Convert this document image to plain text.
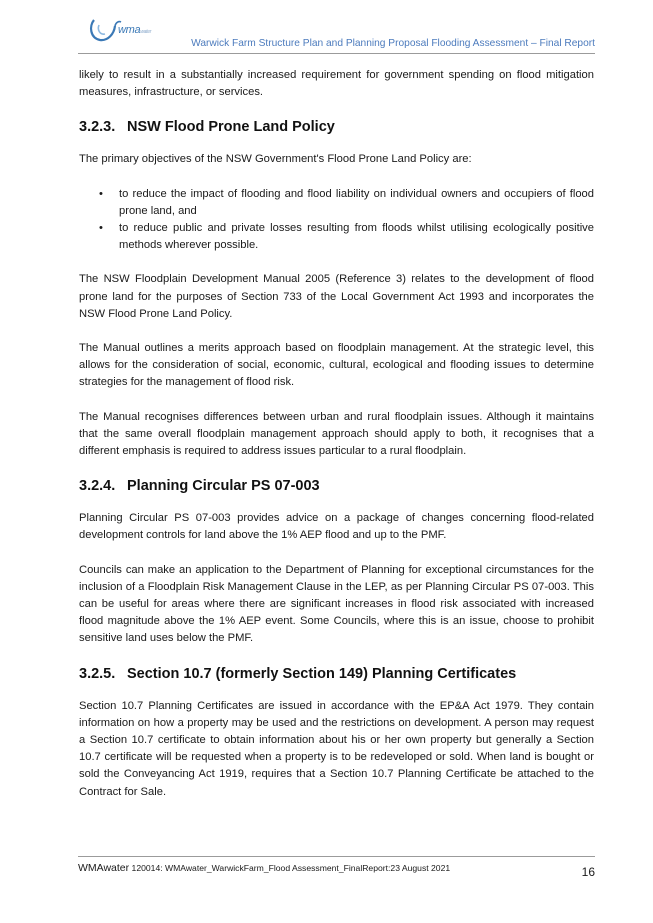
wmawater
Warwick Farm Structure Plan and Planning Proposal Flooding Assessment – Final Report

likely to result in a substantially increased requirement for government spending on flood mitigation measures, infrastructure, or services.

3.2.3. NSW Flood Prone Land Policy

The primary objectives of the NSW Government's Flood Prone Land Policy are:

• to reduce the impact of flooding and flood liability on individual owners and occupiers of flood prone land, and
• to reduce public and private losses resulting from floods whilst utilising ecologically positive methods wherever possible.

The NSW Floodplain Development Manual 2005 (Reference 3) relates to the development of flood prone land for the purposes of Section 733 of the Local Government Act 1993 and incorporates the NSW Flood Prone Land Policy.

The Manual outlines a merits approach based on floodplain management. At the strategic level, this allows for the consideration of social, economic, cultural, ecological and flooding issues to determine strategies for the management of flood risk.

The Manual recognises differences between urban and rural floodplain issues. Although it maintains that the same overall floodplain management approach should apply to both, it recognises that a different emphasis is required to address issues particular to a rural floodplain.

3.2.4. Planning Circular PS 07-003

Planning Circular PS 07-003 provides advice on a package of changes concerning flood-related development controls for land above the 1% AEP flood and up to the PMF.

Councils can make an application to the Department of Planning for exceptional circumstances for the inclusion of a Floodplain Risk Management Clause in the LEP, as per Planning Circular PS 07-003. This can be useful for areas where there are significant increases in flood risk associated with increased flood magnitude above the 1% AEP event. Some Councils, where this is an issue, choose to prohibit sensitive land uses below the PMF.

3.2.5. Section 10.7 (formerly Section 149) Planning Certificates

Section 10.7 Planning Certificates are issued in accordance with the EP&A Act 1979. They contain information on how a property may be used and the restrictions on development. A person may request a Section 10.7 certificate to obtain information about his or her own property but generally a Section 10.7 certificate will be requested when a property is to be redeveloped or sold. When land is bought or sold the Conveyancing Act 1919, requires that a Section 10.7 Planning Certificate be attached to the Contract for Sale.

WMAwater 120014: WMAwater_WarwickFarm_Flood Assessment_FinalReport:23 August 2021	16
